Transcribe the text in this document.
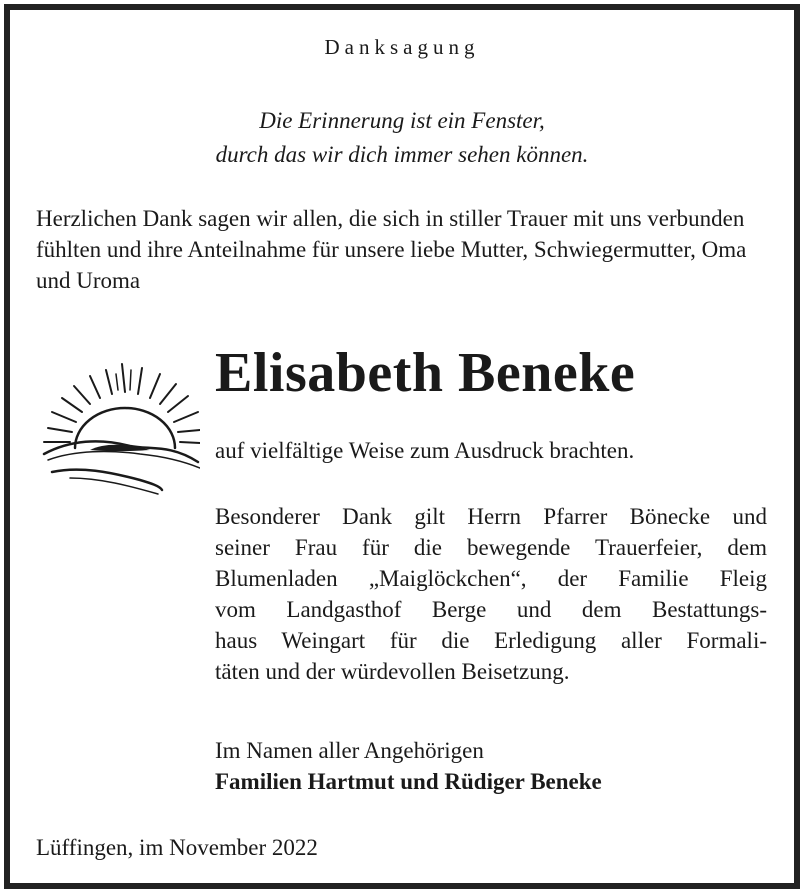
Danksagung

Die Erinnerung ist ein Fenster,
durch das wir dich immer sehen können.

Herzlichen Dank sagen wir allen, die sich in stiller Trauer mit uns verbunden fühlten und ihre Anteilnahme für unsere liebe Mutter, Schwiegermutter, Oma und Uroma

Elisabeth Beneke

auf vielfältige Weise zum Ausdruck brachten.

Besonderer Dank gilt Herrn Pfarrer Bönecke und
seiner Frau für die bewegende Trauerfeier, dem
Blumenladen „Maiglöckchen“, der Familie Fleig
vom Landgasthof Berge und dem Bestattungs-
haus Weingart für die Erledigung aller Formali-
täten und der würdevollen Beisetzung.

Im Namen aller Angehörigen

Familien Hartmut und Rüdiger Beneke

Lüffingen, im November 2022
